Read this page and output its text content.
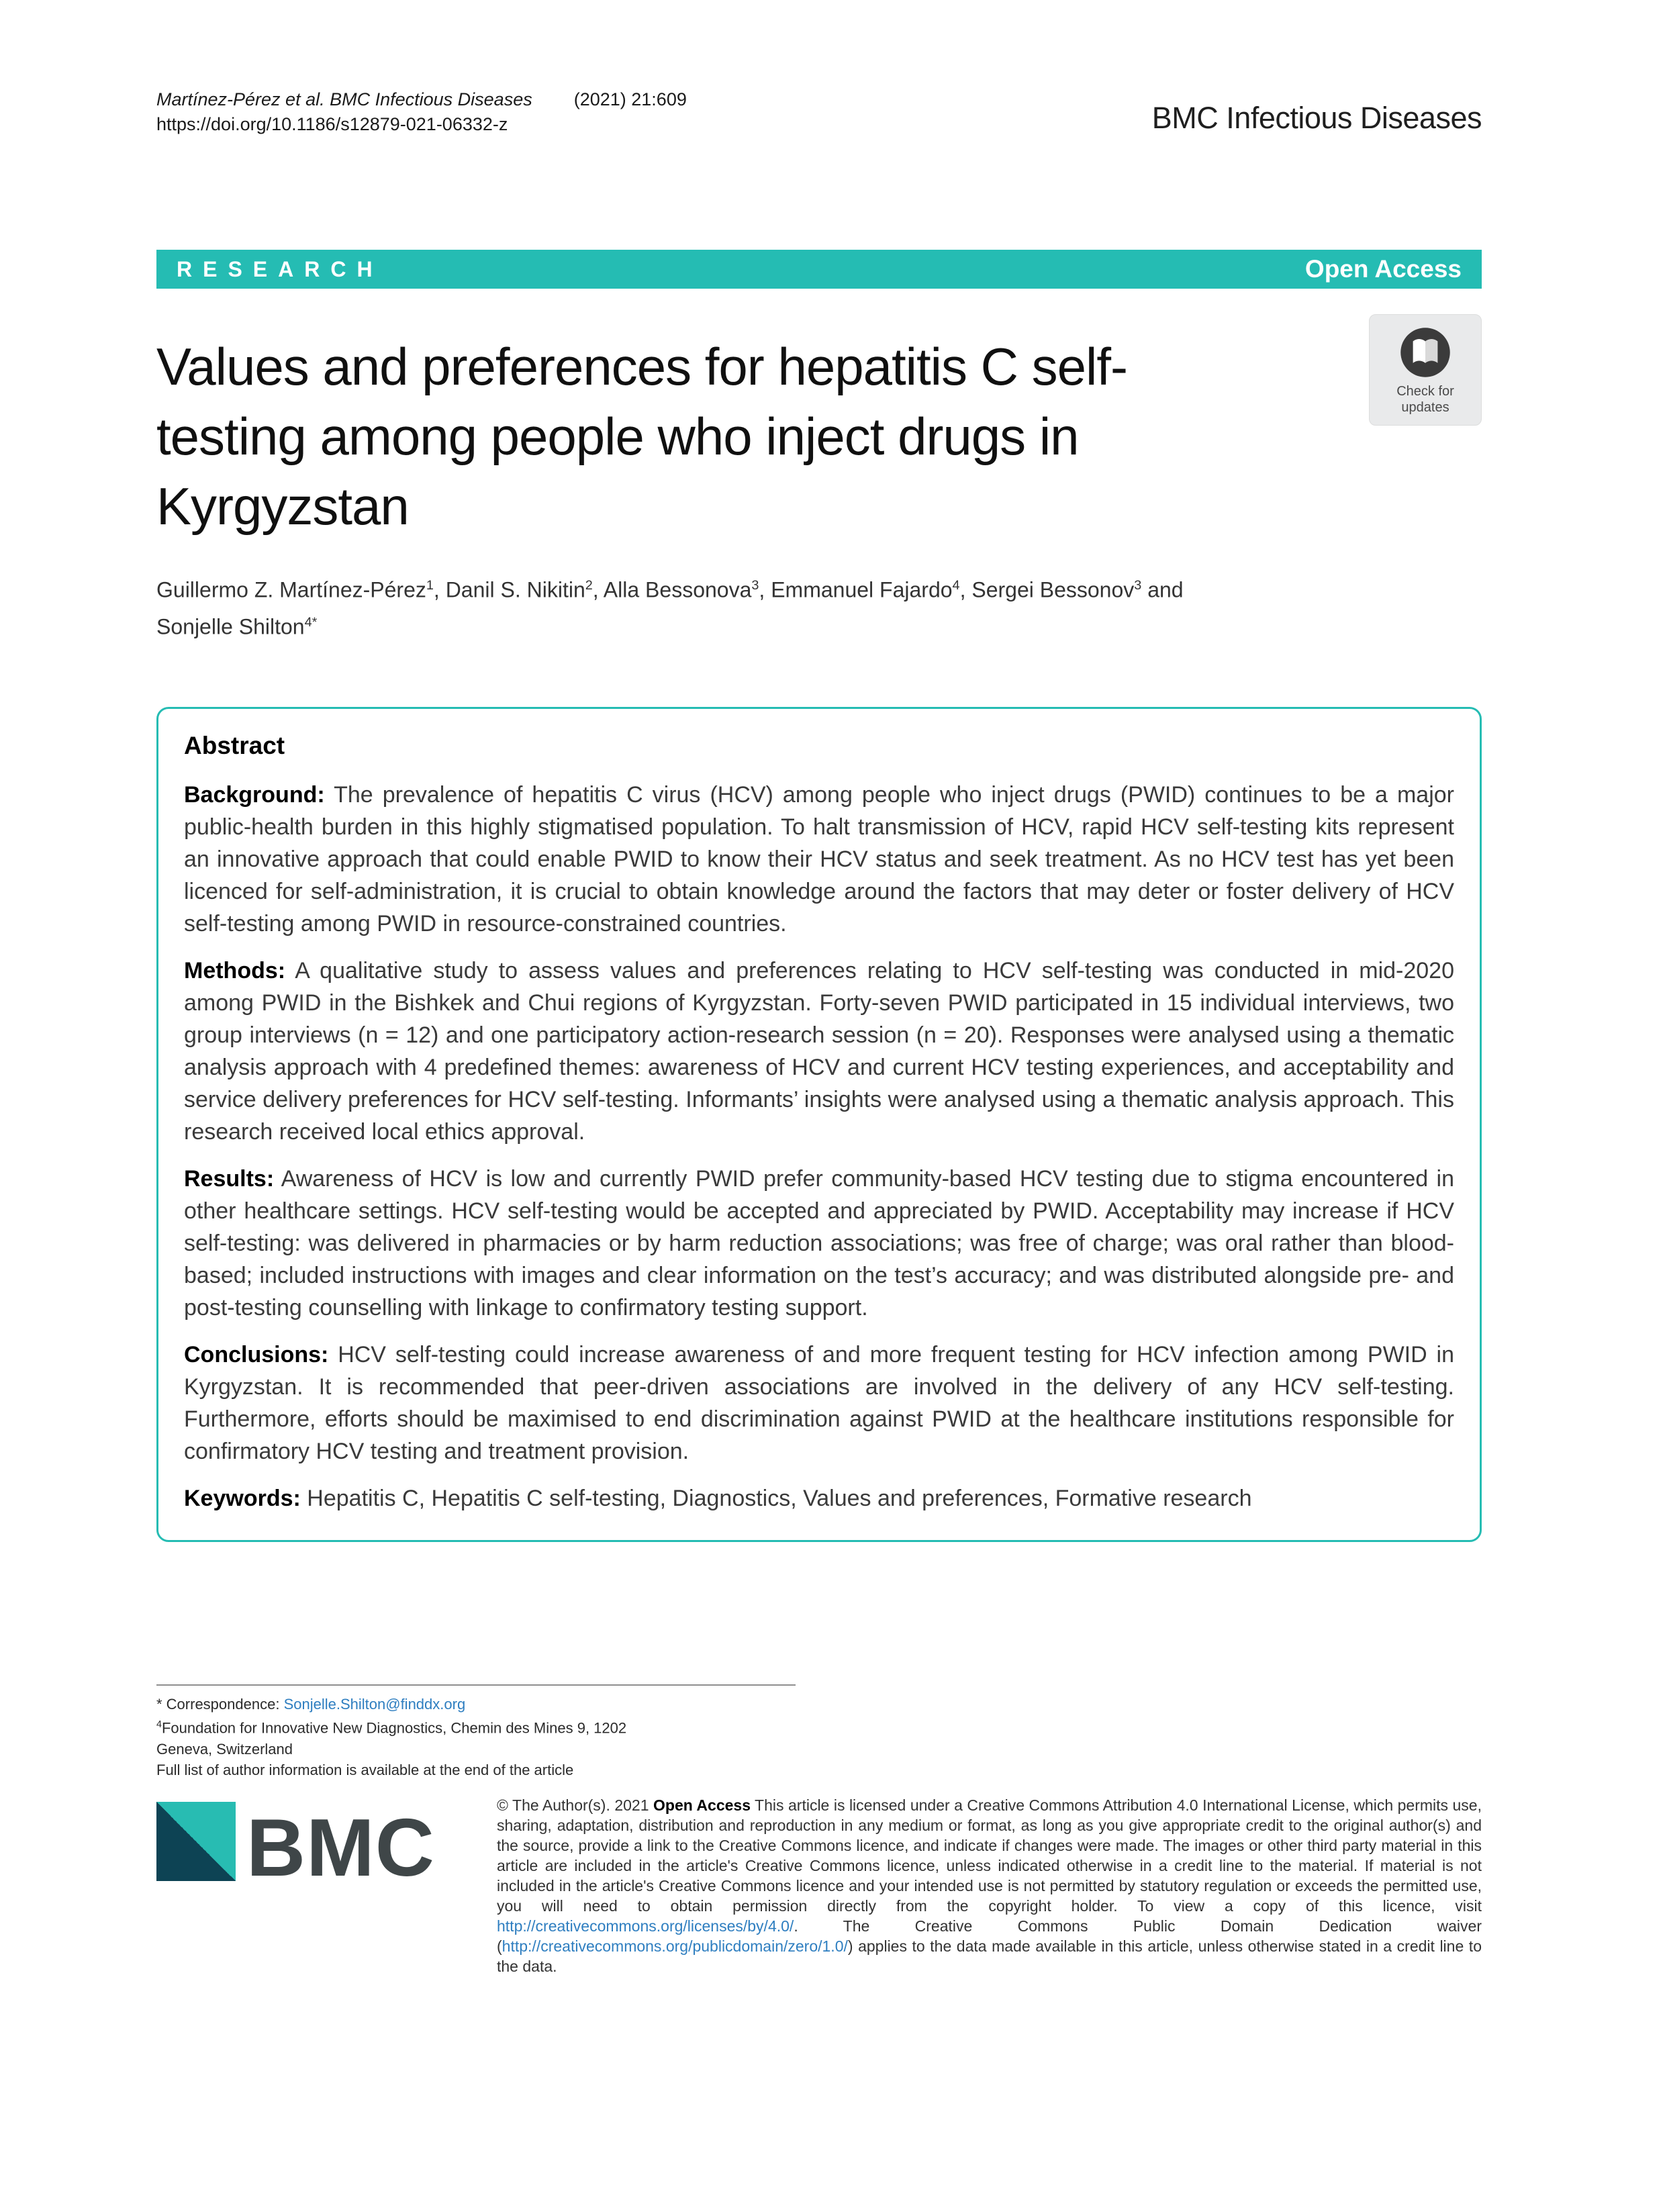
Martínez-Pérez et al. BMC Infectious Diseases (2021) 21:609
https://doi.org/10.1186/s12879-021-06332-z	BMC Infectious Diseases
RESEARCH	Open Access
Values and preferences for hepatitis C self-
testing among people who inject drugs in
Kyrgyzstan
Check for
updates
Guillermo Z. Martínez-Pérez$^1$, Danil S. Nikitin$^2$, Alla Bessonova$^3$, Emmanuel Fajardo$^4$, Sergei Bessonov$^3$ and
Sonjelle Shilton$^{4*}$
Abstract

Background: The prevalence of hepatitis C virus (HCV) among people who inject drugs (PWID) continues to be a major public-health burden in this highly stigmatised population. To halt transmission of HCV, rapid HCV self-testing kits represent an innovative approach that could enable PWID to know their HCV status and seek treatment. As no HCV test has yet been licenced for self-administration, it is crucial to obtain knowledge around the factors that may deter or foster delivery of HCV self-testing among PWID in resource-constrained countries.

Methods: A qualitative study to assess values and preferences relating to HCV self-testing was conducted in mid-2020 among PWID in the Bishkek and Chui regions of Kyrgyzstan. Forty-seven PWID participated in 15 individual interviews, two group interviews (n = 12) and one participatory action-research session (n = 20). Responses were analysed using a thematic analysis approach with 4 predefined themes: awareness of HCV and current HCV testing experiences, and acceptability and service delivery preferences for HCV self-testing. Informants’ insights were analysed using a thematic analysis approach. This research received local ethics approval.

Results: Awareness of HCV is low and currently PWID prefer community-based HCV testing due to stigma encountered in other healthcare settings. HCV self-testing would be accepted and appreciated by PWID. Acceptability may increase if HCV self-testing: was delivered in pharmacies or by harm reduction associations; was free of charge; was oral rather than blood-based; included instructions with images and clear information on the test’s accuracy; and was distributed alongside pre- and post-testing counselling with linkage to confirmatory testing support.

Conclusions: HCV self-testing could increase awareness of and more frequent testing for HCV infection among PWID in Kyrgyzstan. It is recommended that peer-driven associations are involved in the delivery of any HCV self-testing. Furthermore, efforts should be maximised to end discrimination against PWID at the healthcare institutions responsible for confirmatory HCV testing and treatment provision.

Keywords: Hepatitis C, Hepatitis C self-testing, Diagnostics, Values and preferences, Formative research

* Correspondence: Sonjelle.Shilton@finddx.org
$^4$Foundation for Innovative New Diagnostics, Chemin des Mines 9, 1202 Geneva, Switzerland
Full list of author information is available at the end of the article
BMC	© The Author(s). 2021 Open Access This article is licensed under a Creative Commons Attribution 4.0 International License, which permits use, sharing, adaptation, distribution and reproduction in any medium or format, as long as you give appropriate credit to the original author(s) and the source, provide a link to the Creative Commons licence, and indicate if changes were made. The images or other third party material in this article are included in the article's Creative Commons licence, unless indicated otherwise in a credit line to the material. If material is not included in the article's Creative Commons licence and your intended use is not permitted by statutory regulation or exceeds the permitted use, you will need to obtain permission directly from the copyright holder. To view a copy of this licence, visit http://creativecommons.org/licenses/by/4.0/. The Creative Commons Public Domain Dedication waiver (http://creativecommons.org/publicdomain/zero/1.0/) applies to the data made available in this article, unless otherwise stated in a credit line to the data.
